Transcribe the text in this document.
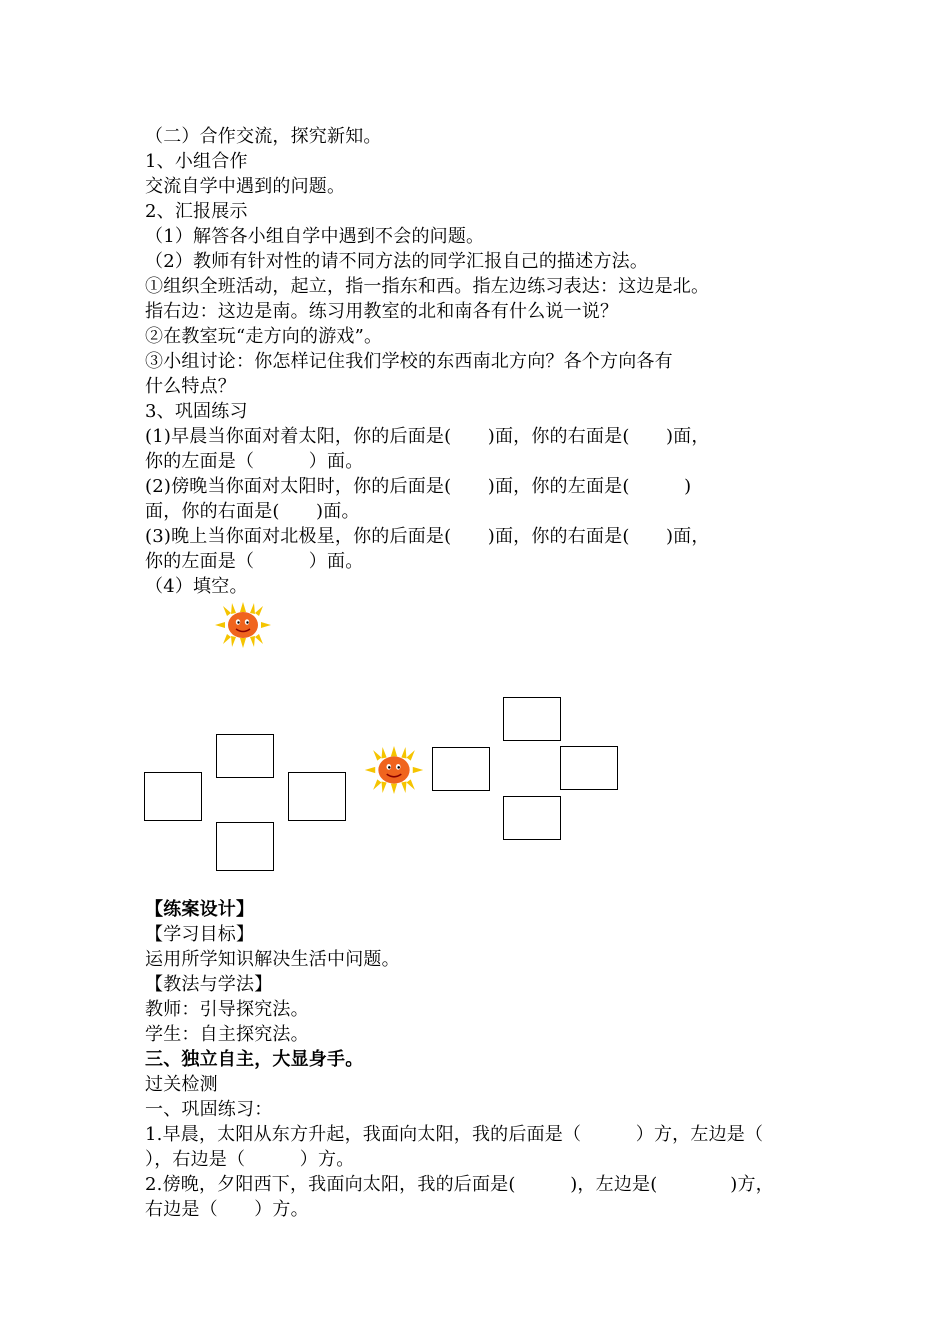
（二）合作交流，探究新知。
1、小组合作
交流自学中遇到的问题。
2、汇报展示
（1）解答各小组自学中遇到不会的问题。
（2）教师有针对性的请不同方法的同学汇报自己的描述方法。
①组织全班活动，起立，指一指东和西。指左边练习表达：这边是北。
指右边：这边是南。练习用教室的北和南各有什么说一说？
②在教室玩“走方向的游戏”。
③小组讨论：你怎样记住我们学校的东西南北方向？各个方向各有
什么特点？
3、巩固练习
(1)早晨当你面对着太阳，你的后面是(　　)面，你的右面是(　　)面，
你的左面是（　　　）面。
(2)傍晚当你面对太阳时，你的后面是(　　)面，你的左面是(　　　)
面，你的右面是(　　)面。
(3)晚上当你面对北极星，你的后面是(　　)面，你的右面是(　　)面，
你的左面是（　　　）面。
（4）填空。
【练案设计】
【学习目标】
运用所学知识解决生活中问题。
【教法与学法】
教师：引导探究法。
学生：自主探究法。
三、独立自主，大显身手。
过关检测
一、巩固练习：
1.早晨，太阳从东方升起，我面向太阳，我的后面是（　　　）方，左边是（
），右边是（　　　）方。
2.傍晚，夕阳西下，我面向太阳，我的后面是(　　　)，左边是(　　　　)方，
右边是（　　）方。
